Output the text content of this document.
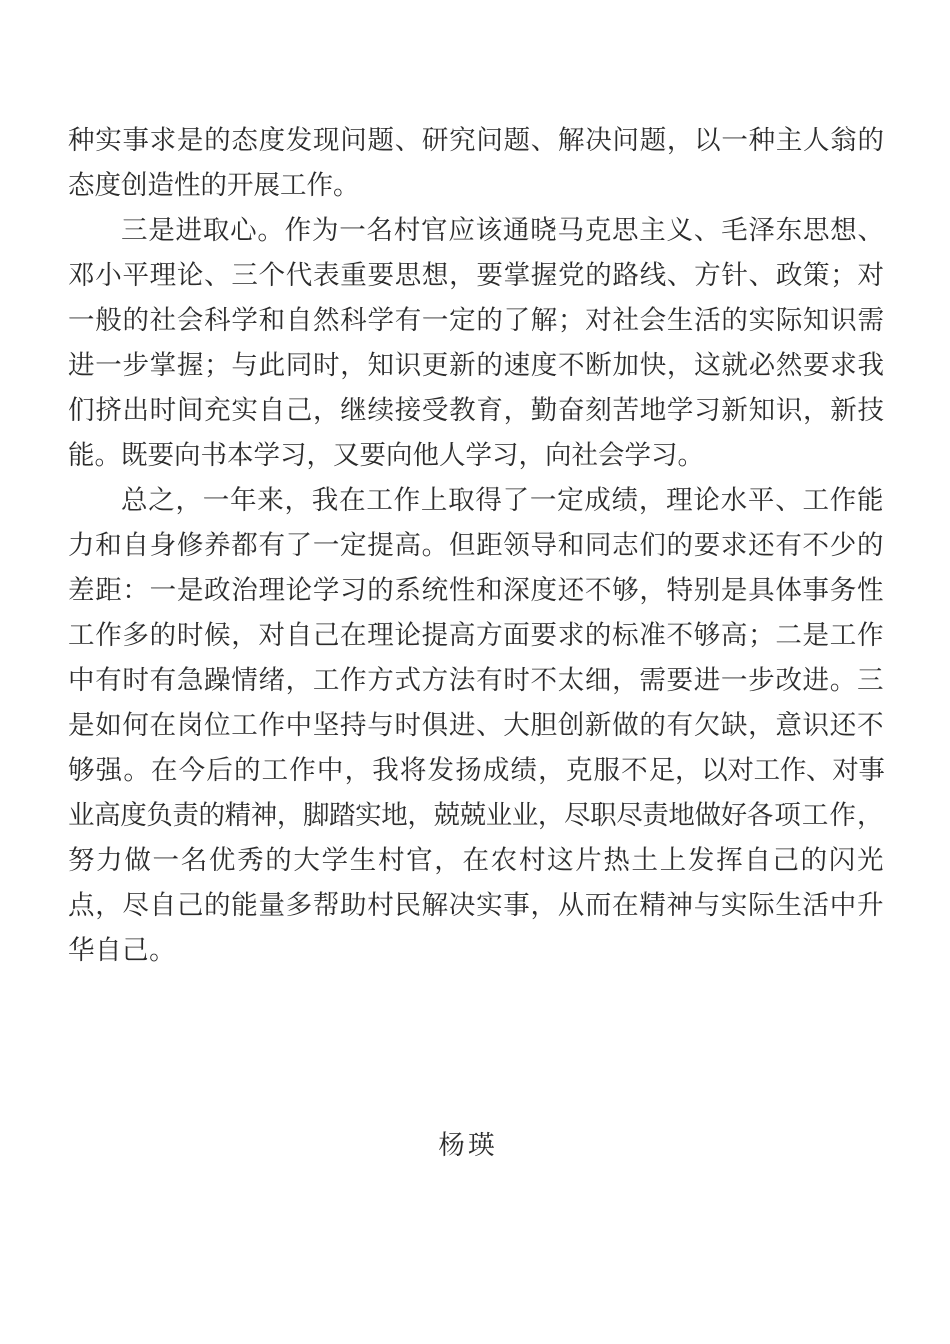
种实事求是的态度发现问题、研究问题、解决问题，以一种主人翁的态度创造性的开展工作。

三是进取心。作为一名村官应该通晓马克思主义、毛泽东思想、邓小平理论、三个代表重要思想，要掌握党的路线、方针、政策；对一般的社会科学和自然科学有一定的了解；对社会生活的实际知识需进一步掌握；与此同时，知识更新的速度不断加快，这就必然要求我们挤出时间充实自己，继续接受教育，勤奋刻苦地学习新知识，新技能。既要向书本学习，又要向他人学习，向社会学习。

总之，一年来，我在工作上取得了一定成绩，理论水平、工作能力和自身修养都有了一定提高。但距领导和同志们的要求还有不少的差距：一是政治理论学习的系统性和深度还不够，特别是具体事务性工作多的时候，对自己在理论提高方面要求的标准不够高；二是工作中有时有急躁情绪，工作方式方法有时不太细，需要进一步改进。三是如何在岗位工作中坚持与时俱进、大胆创新做的有欠缺，意识还不够强。在今后的工作中，我将发扬成绩，克服不足，以对工作、对事业高度负责的精神，脚踏实地，兢兢业业，尽职尽责地做好各项工作，努力做一名优秀的大学生村官，在农村这片热土上发挥自己的闪光点，尽自己的能量多帮助村民解决实事，从而在精神与实际生活中升华自己。

杨瑛
